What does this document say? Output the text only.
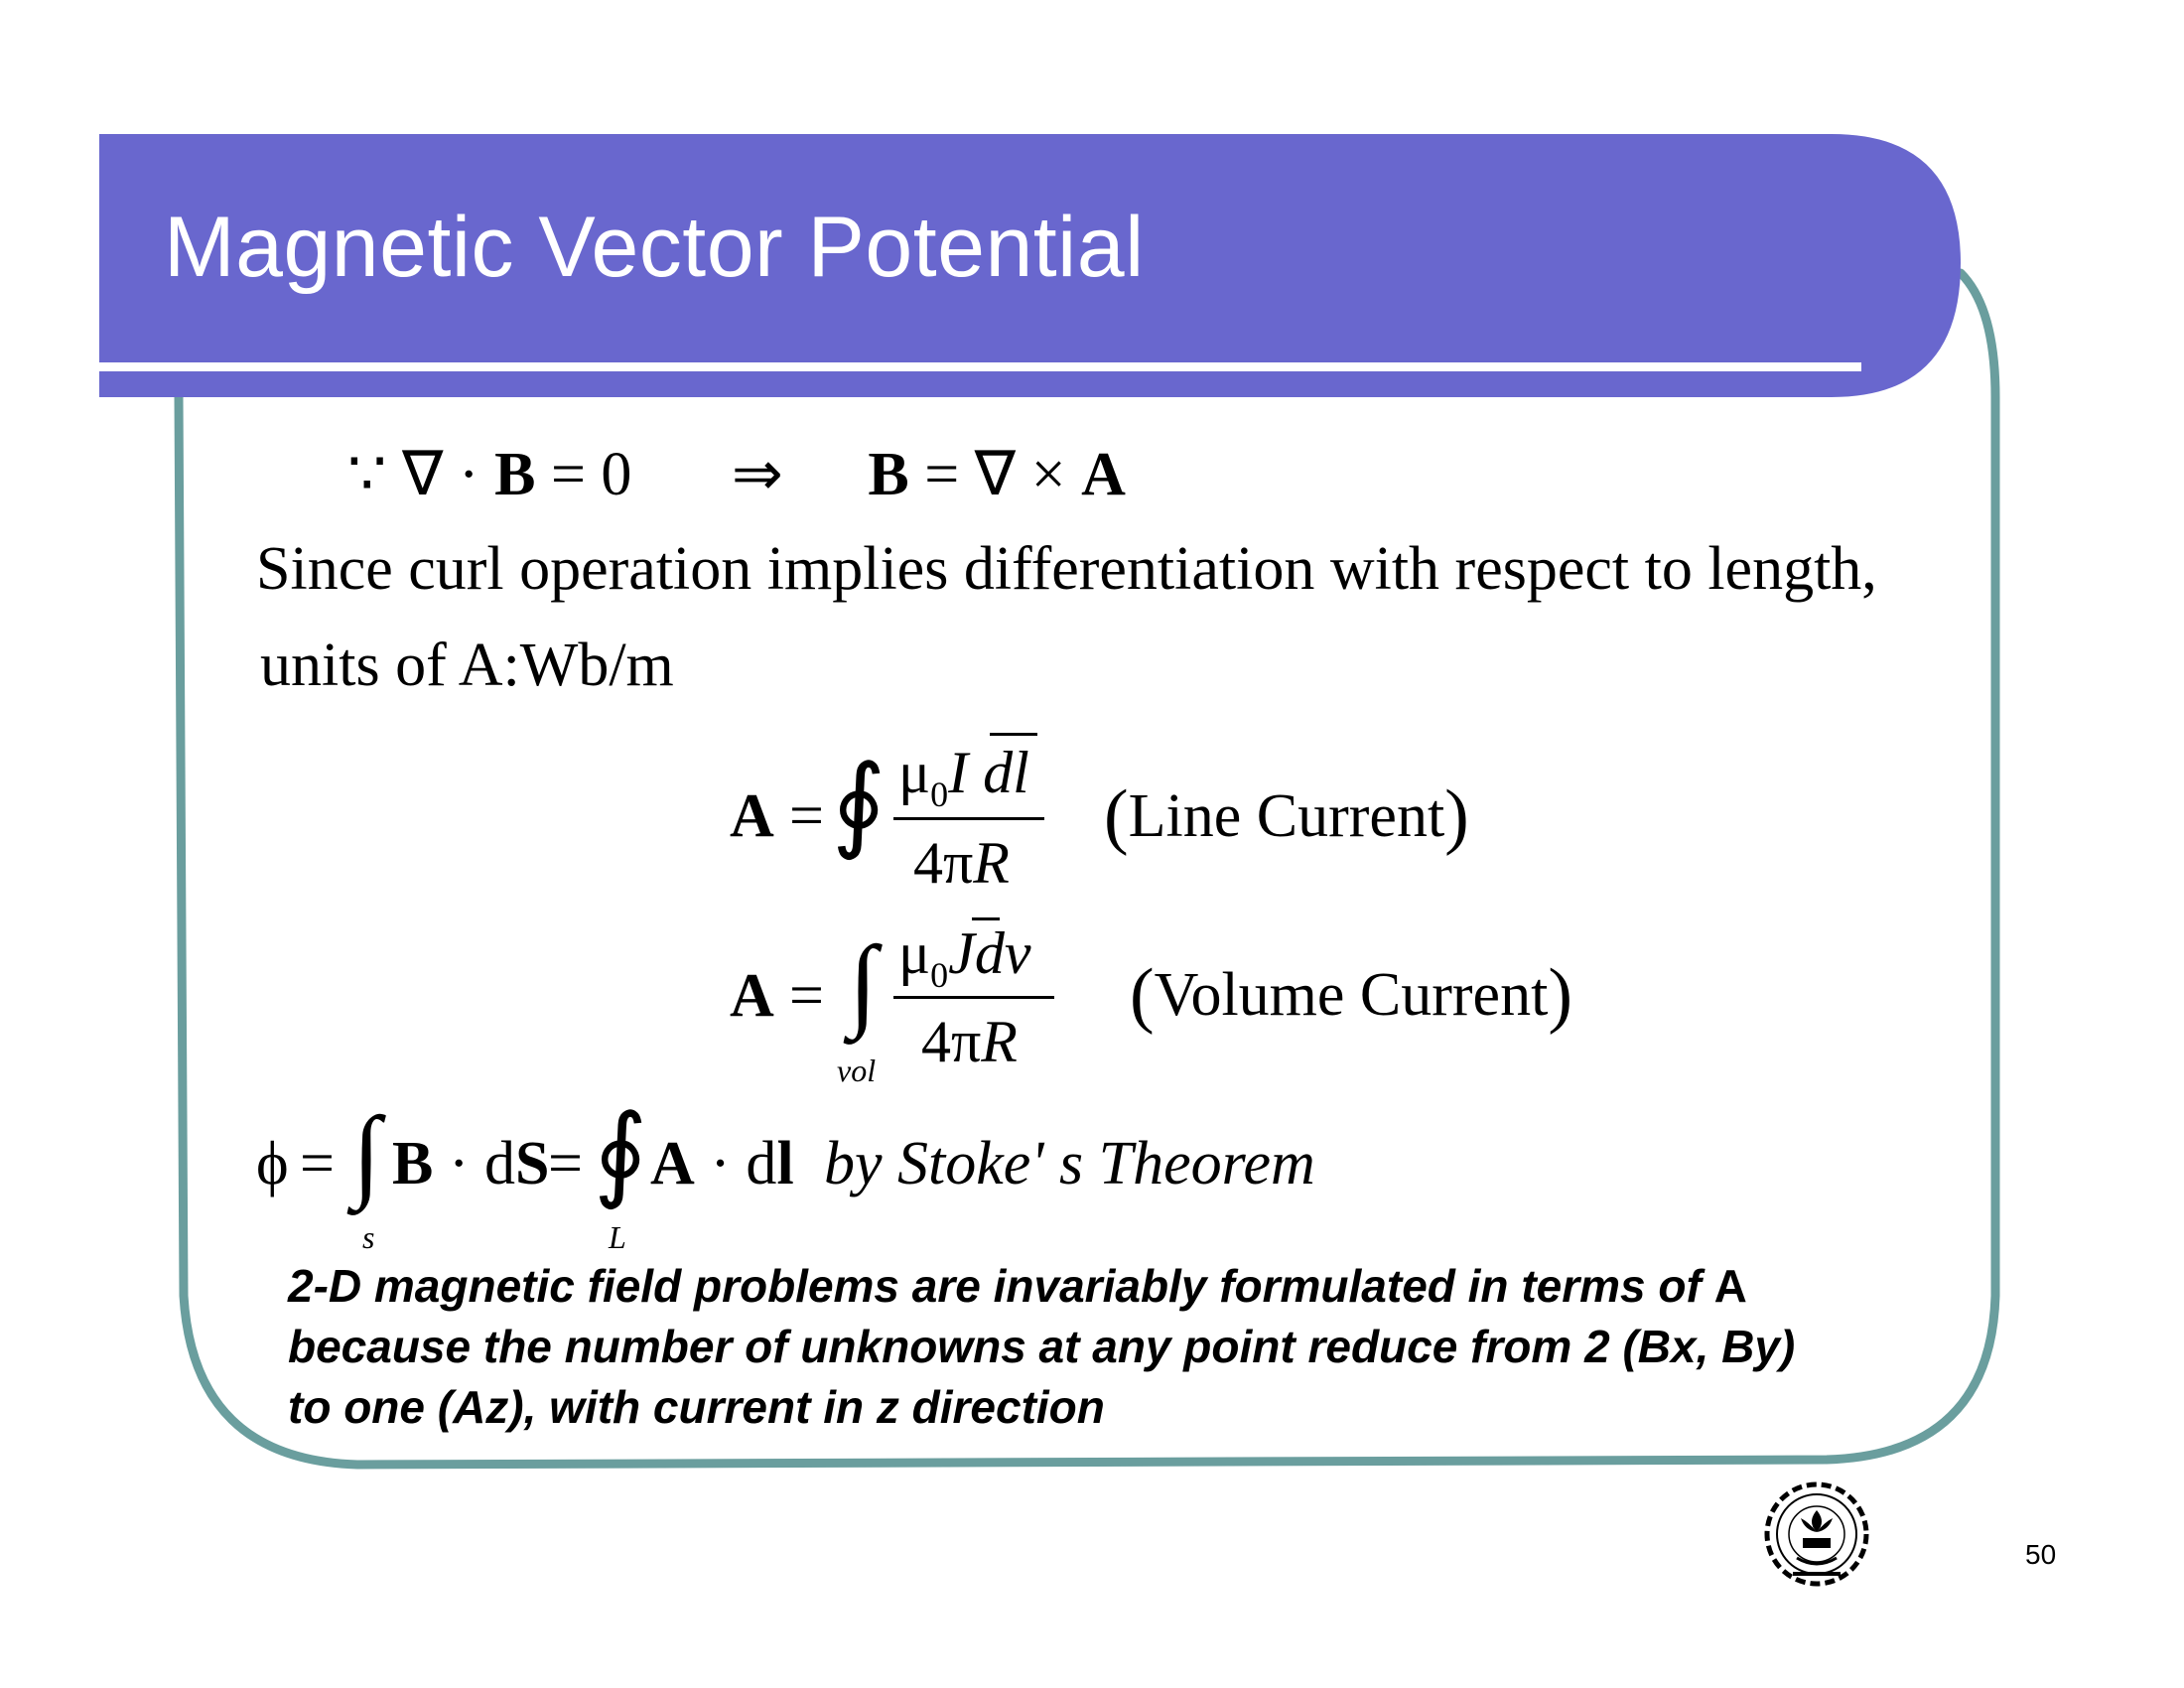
Magnetic Vector Potential
∵ ∇ · B = 0 ⇒ B = ∇ × A
Since curl operation implies differentiation with respect to length,
units of A:Wb/m
A = ∮ $\mu_0I$ dl
4πR
(Line Current)
A = ∫
vol
$\mu_0Jdv$
4πR
(Volume Current)
ϕ = ∫
s
B · dS
= ∮
L
A · dl by Stoke' s Theorem

2-D magnetic field problems are invariably formulated in terms of A because the number of unknowns at any point reduce from 2 (Bx, By) to one (Az), with current in z direction

50
